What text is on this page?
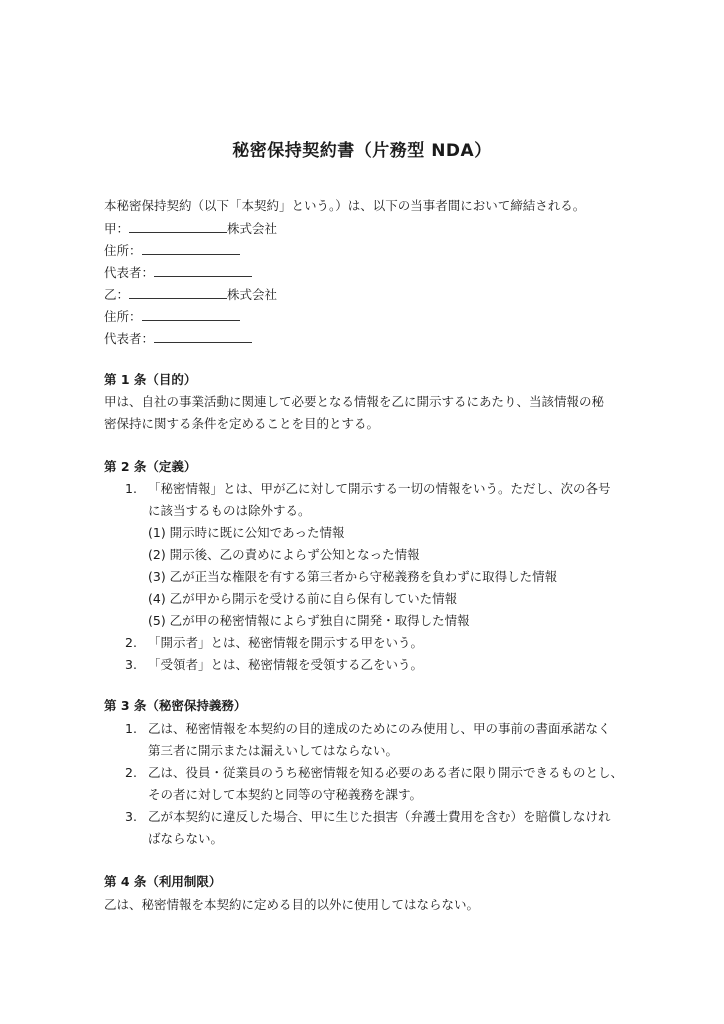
秘密保持契約書（片務型 NDA）
本秘密保持契約（以下「本契約」という。）は、以下の当事者間において締結される。
甲：	株式会社
住所：
代表者：
乙：	株式会社
住所：
代表者：
第 1 条（目的）
甲は、自社の事業活動に関連して必要となる情報を乙に開示するにあたり、当該情報の秘
密保持に関する条件を定めることを目的とする。
第 2 条（定義）
1. 「秘密情報」とは、甲が乙に対して開示する一切の情報をいう。ただし、次の各号
に該当するものは除外する。
(1) 開示時に既に公知であった情報
(2) 開示後、乙の責めによらず公知となった情報
(3) 乙が正当な権限を有する第三者から守秘義務を負わずに取得した情報
(4) 乙が甲から開示を受ける前に自ら保有していた情報
(5) 乙が甲の秘密情報によらず独自に開発・取得した情報
2. 「開示者」とは、秘密情報を開示する甲をいう。
3. 「受領者」とは、秘密情報を受領する乙をいう。
第 3 条（秘密保持義務）
1. 乙は、秘密情報を本契約の目的達成のためにのみ使用し、甲の事前の書面承諾なく
第三者に開示または漏えいしてはならない。
2. 乙は、役員・従業員のうち秘密情報を知る必要のある者に限り開示できるものとし、
その者に対して本契約と同等の守秘義務を課す。
3. 乙が本契約に違反した場合、甲に生じた損害（弁護士費用を含む）を賠償しなけれ
ばならない。
第 4 条（利用制限）
乙は、秘密情報を本契約に定める目的以外に使用してはならない。
